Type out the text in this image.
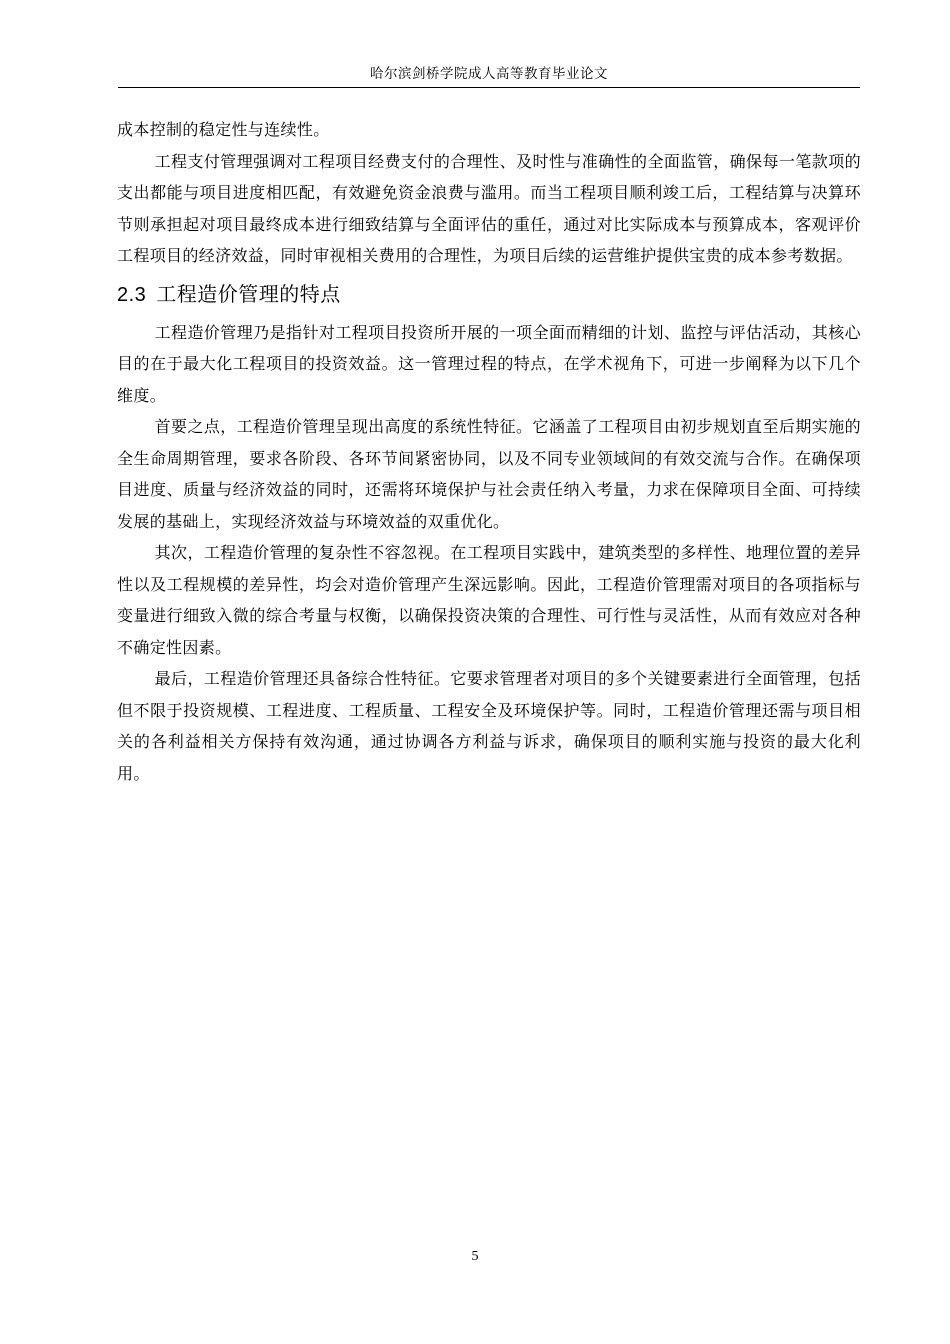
哈尔滨剑桥学院成人高等教育毕业论文

成本控制的稳定性与连续性。

工程支付管理强调对工程项目经费支付的合理性、及时性与准确性的全面监管，确保每一笔款项的支出都能与项目进度相匹配，有效避免资金浪费与滥用。而当工程项目顺利竣工后，工程结算与决算环节则承担起对项目最终成本进行细致结算与全面评估的重任，通过对比实际成本与预算成本，客观评价工程项目的经济效益，同时审视相关费用的合理性，为项目后续的运营维护提供宝贵的成本参考数据。

2.3 工程造价管理的特点

工程造价管理乃是指针对工程项目投资所开展的一项全面而精细的计划、监控与评估活动，其核心目的在于最大化工程项目的投资效益。这一管理过程的特点，在学术视角下，可进一步阐释为以下几个维度。

首要之点，工程造价管理呈现出高度的系统性特征。它涵盖了工程项目由初步规划直至后期实施的全生命周期管理，要求各阶段、各环节间紧密协同，以及不同专业领域间的有效交流与合作。在确保项目进度、质量与经济效益的同时，还需将环境保护与社会责任纳入考量，力求在保障项目全面、可持续发展的基础上，实现经济效益与环境效益的双重优化。

其次，工程造价管理的复杂性不容忽视。在工程项目实践中，建筑类型的多样性、地理位置的差异性以及工程规模的差异性，均会对造价管理产生深远影响。因此，工程造价管理需对项目的各项指标与变量进行细致入微的综合考量与权衡，以确保投资决策的合理性、可行性与灵活性，从而有效应对各种不确定性因素。

最后，工程造价管理还具备综合性特征。它要求管理者对项目的多个关键要素进行全面管理，包括但不限于投资规模、工程进度、工程质量、工程安全及环境保护等。同时，工程造价管理还需与项目相关的各利益相关方保持有效沟通，通过协调各方利益与诉求，确保项目的顺利实施与投资的最大化利用。

5
